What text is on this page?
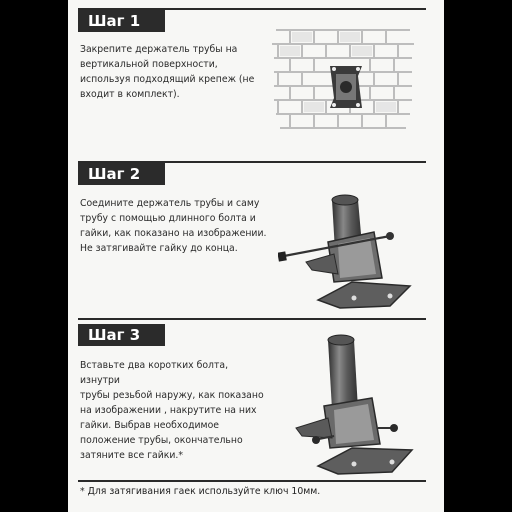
Шаг 1
Закрепите держатель трубы на
вертикальной поверхности,
используя подходящий крепеж (не
входит в комплект).
Шаг 2
Соедините держатель трубы и саму
трубу с помощью длинного болта и
гайки, как показано на изображении.
Не затягивайте гайку до конца.
Шаг 3
Вставьте два коротких болта, изнутри
трубы резьбой наружу, как показано
на изображении , накрутите на них
гайки. Выбрав необходимое
положение трубы, окончательно
затяните все гайки.*
* Для затягивания гаек используйте ключ 10мм.
